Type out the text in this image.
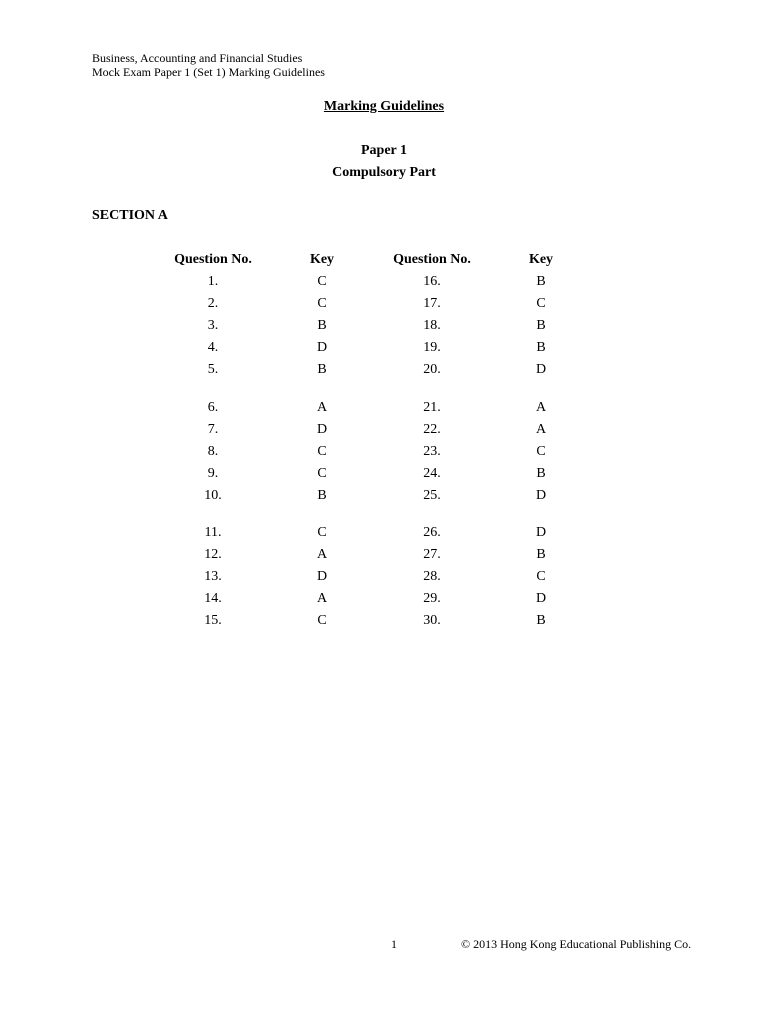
Business, Accounting and Financial Studies
Mock Exam Paper 1 (Set 1) Marking Guidelines
Marking Guidelines
Paper 1
Compulsory Part
SECTION A
Question No.	Key	Question No.	Key
1.	C	16.	B
2.	C	17.	C
3.	B	18.	B
4.	D	19.	B
5.	B	20.	D
6.	A	21.	A
7.	D	22.	A
8.	C	23.	C
9.	C	24.	B
10.	B	25.	D
11.	C	26.	D
12.	A	27.	B
13.	D	28.	C
14.	A	29.	D
15.	C	30.	B
1	© 2013 Hong Kong Educational Publishing Co.
